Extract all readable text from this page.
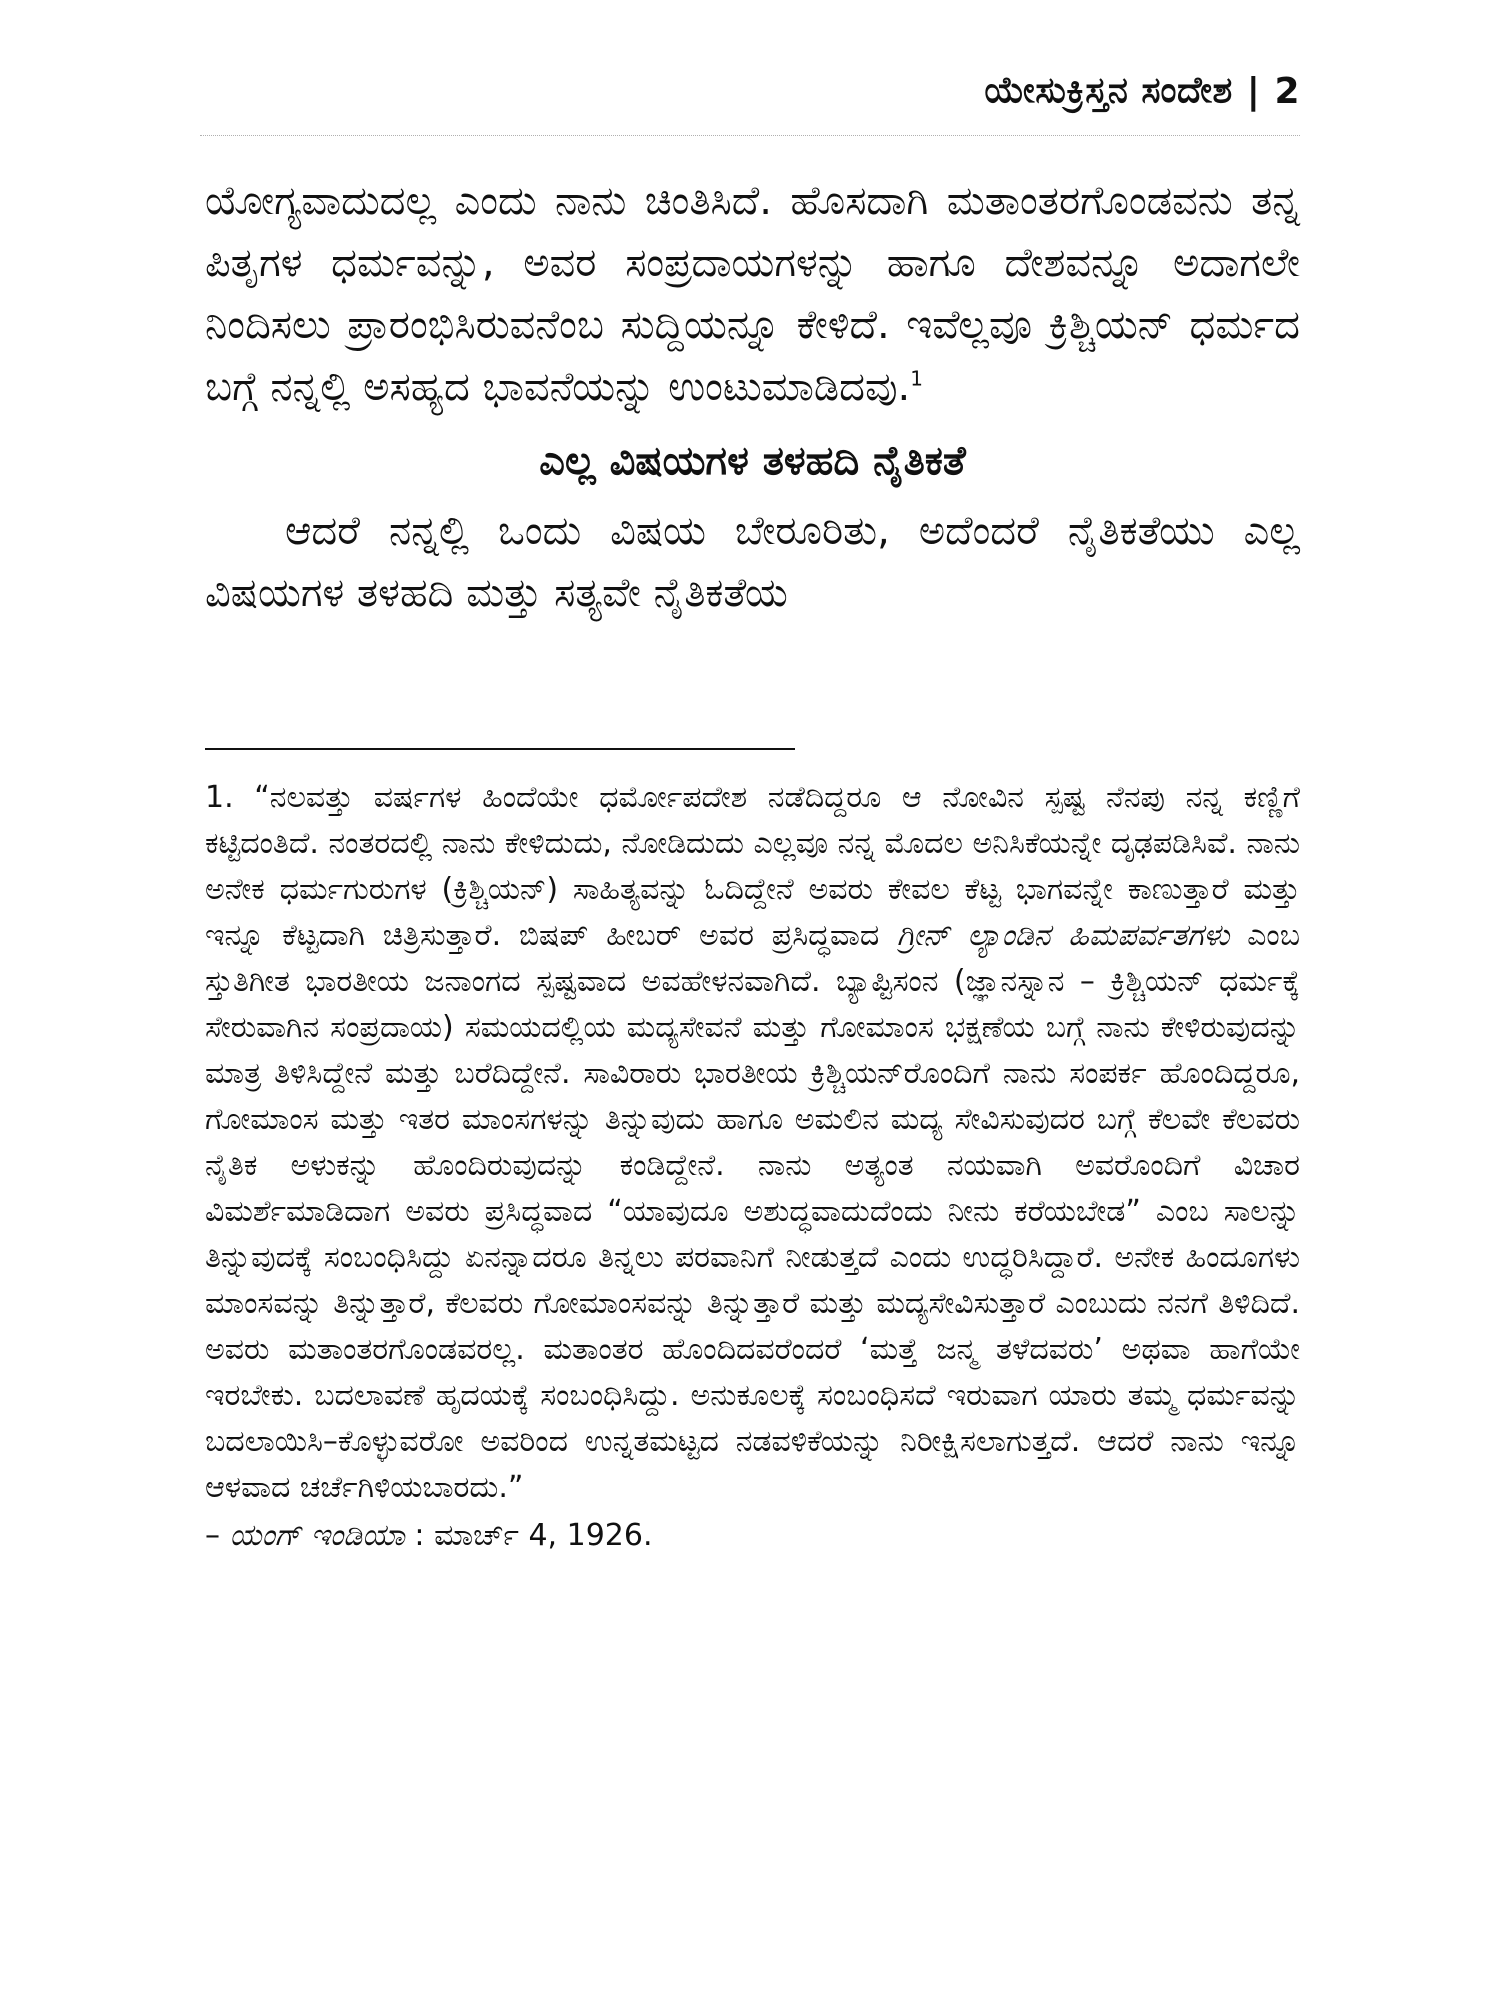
ಯೇಸುಕ್ರಿಸ್ತನ ಸಂದೇಶ | 2

ಯೋಗ್ಯವಾದುದಲ್ಲ ಎಂದು ನಾನು ಚಿಂತಿಸಿದೆ. ಹೊಸದಾಗಿ ಮತಾಂತರಗೊಂಡವನು ತನ್ನ ಪಿತೃಗಳ ಧರ್ಮವನ್ನು, ಅವರ ಸಂಪ್ರದಾಯಗಳನ್ನು ಹಾಗೂ ದೇಶವನ್ನೂ ಅದಾಗಲೇ ನಿಂದಿಸಲು ಪ್ರಾರಂಭಿಸಿರುವನೆಂಬ ಸುದ್ದಿಯನ್ನೂ ಕೇಳಿದೆ. ಇವೆಲ್ಲವೂ ಕ್ರಿಶ್ಚಿಯನ್ ಧರ್ಮದ ಬಗ್ಗೆ ನನ್ನಲ್ಲಿ ಅಸಹ್ಯದ ಭಾವನೆಯನ್ನು ಉಂಟುಮಾಡಿದವು.$^1$

ಎಲ್ಲ ವಿಷಯಗಳ ತಳಹದಿ ನೈತಿಕತೆ

ಆದರೆ ನನ್ನಲ್ಲಿ ಒಂದು ವಿಷಯ ಬೇರೂರಿತು, ಅದೆಂದರೆ ನೈತಿಕತೆಯು ಎಲ್ಲ ವಿಷಯಗಳ ತಳಹದಿ ಮತ್ತು ಸತ್ಯವೇ ನೈತಿಕತೆಯ

1. “ನಲವತ್ತು ವರ್ಷಗಳ ಹಿಂದೆಯೇ ಧರ್ಮೋಪದೇಶ ನಡೆದಿದ್ದರೂ ಆ ನೋವಿನ ಸ್ಪಷ್ಟ ನೆನಪು ನನ್ನ ಕಣ್ಣಿಗೆ ಕಟ್ಟಿದಂತಿದೆ. ನಂತರದಲ್ಲಿ ನಾನು ಕೇಳಿದುದು, ನೋಡಿದುದು ಎಲ್ಲವೂ ನನ್ನ ಮೊದಲ ಅನಿಸಿಕೆಯನ್ನೇ ದೃಢಪಡಿಸಿವೆ. ನಾನು ಅನೇಕ ಧರ್ಮಗುರುಗಳ (ಕ್ರಿಶ್ಚಿಯನ್) ಸಾಹಿತ್ಯವನ್ನು ಓದಿದ್ದೇನೆ ಅವರು ಕೇವಲ ಕೆಟ್ಟ ಭಾಗವನ್ನೇ ಕಾಣುತ್ತಾರೆ ಮತ್ತು ಇನ್ನೂ ಕೆಟ್ಟದಾಗಿ ಚಿತ್ರಿಸುತ್ತಾರೆ. ಬಿಷಪ್ ಹೀಬರ್ ಅವರ ಪ್ರಸಿದ್ಧವಾದ ಗ್ರೀನ್ ಲ್ಯಾಂಡಿನ ಹಿಮಪರ್ವತಗಳು ಎಂಬ ಸ್ತುತಿಗೀತ ಭಾರತೀಯ ಜನಾಂಗದ ಸ್ಪಷ್ಟವಾದ ಅವಹೇಳನವಾಗಿದೆ. ಬ್ಯಾಪ್ಟಿಸಂನ (ಜ್ಞಾನಸ್ನಾನ – ಕ್ರಿಶ್ಚಿಯನ್ ಧರ್ಮಕ್ಕೆ ಸೇರುವಾಗಿನ ಸಂಪ್ರದಾಯ) ಸಮಯದಲ್ಲಿಯ ಮದ್ಯಸೇವನೆ ಮತ್ತು ಗೋಮಾಂಸ ಭಕ್ಷಣೆಯ ಬಗ್ಗೆ ನಾನು ಕೇಳಿರುವುದನ್ನು ಮಾತ್ರ ತಿಳಿಸಿದ್ದೇನೆ ಮತ್ತು ಬರೆದಿದ್ದೇನೆ. ಸಾವಿರಾರು ಭಾರತೀಯ ಕ್ರಿಶ್ಚಿಯನ್‌ರೊಂದಿಗೆ ನಾನು ಸಂಪರ್ಕ ಹೊಂದಿದ್ದರೂ, ಗೋಮಾಂಸ ಮತ್ತು ಇತರ ಮಾಂಸಗಳನ್ನು ತಿನ್ನುವುದು ಹಾಗೂ ಅಮಲಿನ ಮದ್ಯ ಸೇವಿಸುವುದರ ಬಗ್ಗೆ ಕೆಲವೇ ಕೆಲವರು ನೈತಿಕ ಅಳುಕನ್ನು ಹೊಂದಿರುವುದನ್ನು ಕಂಡಿದ್ದೇನೆ. ನಾನು ಅತ್ಯಂತ ನಯವಾಗಿ ಅವರೊಂದಿಗೆ ವಿಚಾರ ವಿಮರ್ಶೆಮಾಡಿದಾಗ ಅವರು ಪ್ರಸಿದ್ಧವಾದ “ಯಾವುದೂ ಅಶುದ್ಧವಾದುದೆಂದು ನೀನು ಕರೆಯಬೇಡ” ಎಂಬ ಸಾಲನ್ನು ತಿನ್ನುವುದಕ್ಕೆ ಸಂಬಂಧಿಸಿದ್ದು ಏನನ್ನಾದರೂ ತಿನ್ನಲು ಪರವಾನಿಗೆ ನೀಡುತ್ತದೆ ಎಂದು ಉದ್ಧರಿಸಿದ್ದಾರೆ. ಅನೇಕ ಹಿಂದೂಗಳು ಮಾಂಸವನ್ನು ತಿನ್ನುತ್ತಾರೆ, ಕೆಲವರು ಗೋಮಾಂಸವನ್ನು ತಿನ್ನುತ್ತಾರೆ ಮತ್ತು ಮದ್ಯಸೇವಿಸುತ್ತಾರೆ ಎಂಬುದು ನನಗೆ ತಿಳಿದಿದೆ. ಅವರು ಮತಾಂತರಗೊಂಡವರಲ್ಲ. ಮತಾಂತರ ಹೊಂದಿದವರೆಂದರೆ ‘ಮತ್ತೆ ಜನ್ಮ ತಳೆದವರು’ ಅಥವಾ ಹಾಗೆಯೇ ಇರಬೇಕು. ಬದಲಾವಣೆ ಹೃದಯಕ್ಕೆ ಸಂಬಂಧಿಸಿದ್ದು. ಅನುಕೂಲಕ್ಕೆ ಸಂಬಂಧಿಸದೆ ಇರುವಾಗ ಯಾರು ತಮ್ಮ ಧರ್ಮವನ್ನು ಬದಲಾಯಿಸಿ–ಕೊಳ್ಳುವರೋ ಅವರಿಂದ ಉನ್ನತಮಟ್ಟದ ನಡವಳಿಕೆಯನ್ನು ನಿರೀಕ್ಷಿಸಲಾಗುತ್ತದೆ. ಆದರೆ ನಾನು ಇನ್ನೂ ಆಳವಾದ ಚರ್ಚೆಗಿಳಿಯಬಾರದು.”

– ಯಂಗ್ ಇಂಡಿಯಾ : ಮಾರ್ಚ್ 4, 1926.
